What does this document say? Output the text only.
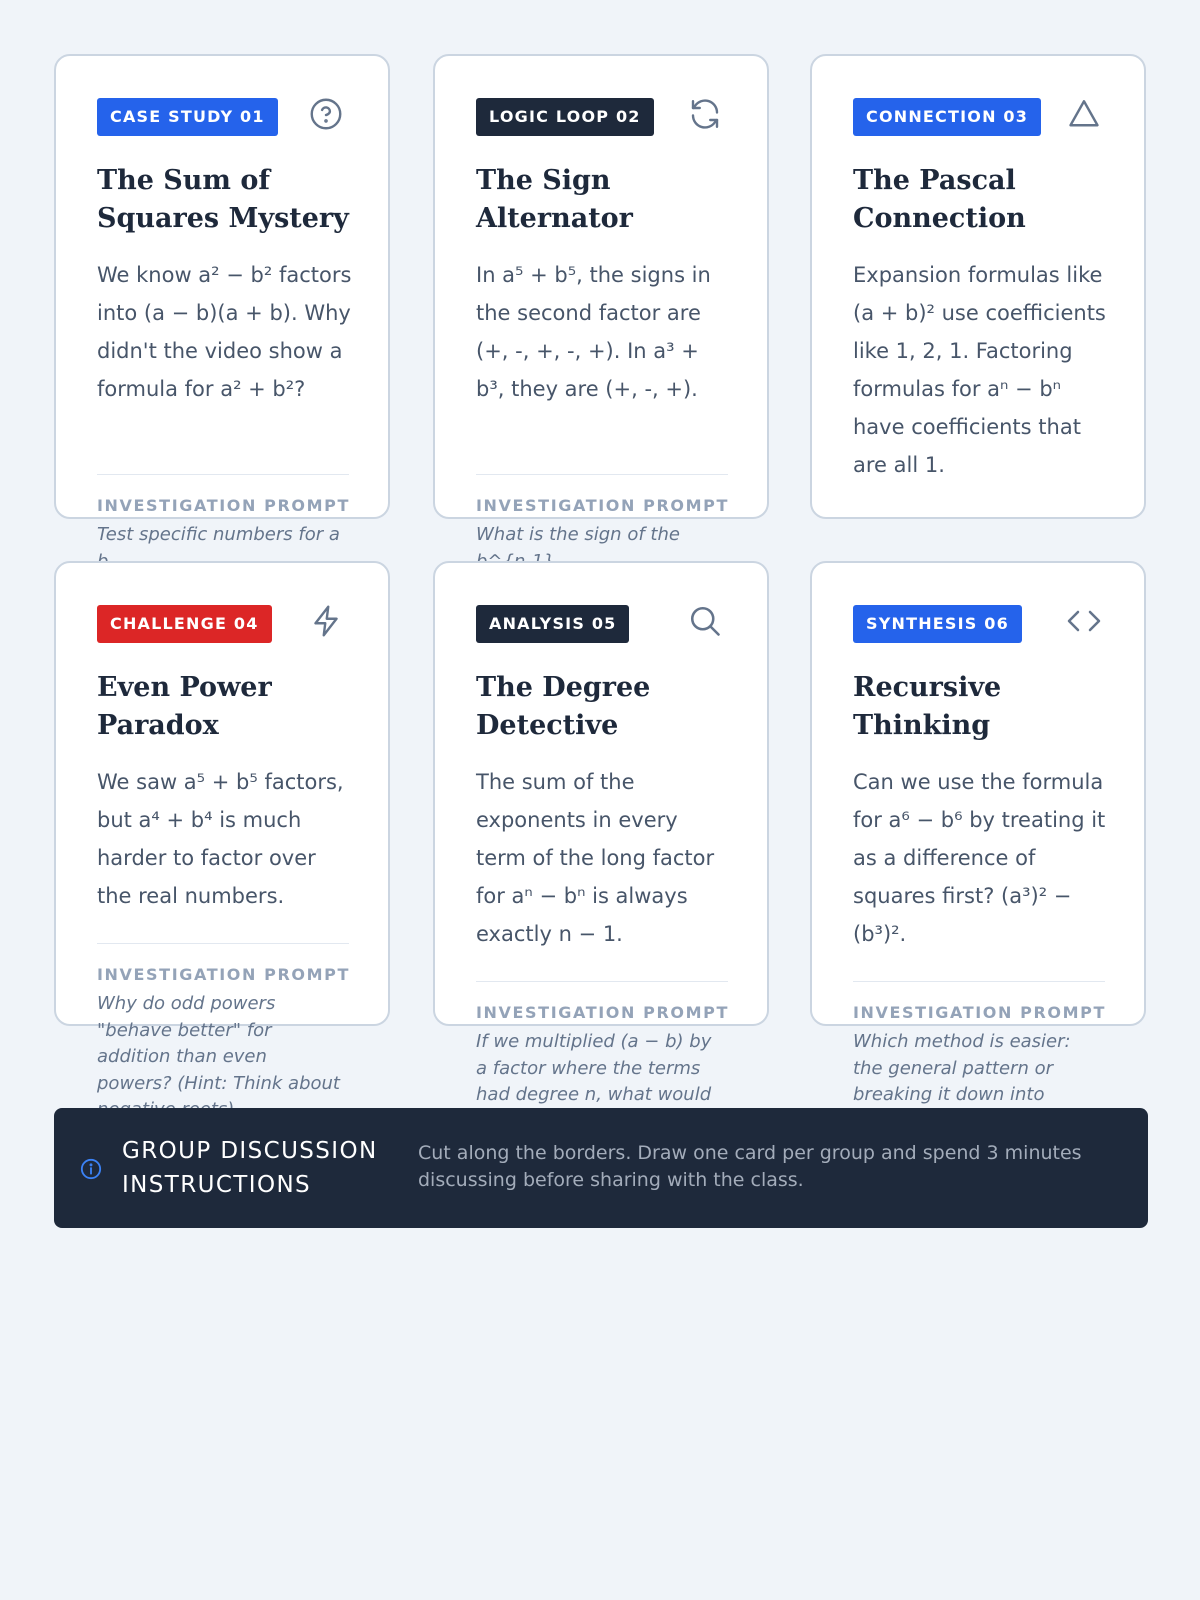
CASE STUDY 01
The Sum of Squares Mystery
We know a² − b² factors into (a − b)(a + b). Why didn't the video show a formula for a² + b²?
INVESTIGATION PROMPT
Test specific numbers for a
LOGIC LOOP 02
The Sign Alternator
In a⁵ + b⁵, the signs in the second factor are (+, -, +, -, +). In a³ + b³, they are (+, -, +).
INVESTIGATION PROMPT
What is the sign of the
CONNECTION 03
The Pascal Connection
Expansion formulas like (a + b)² use coefficients like 1, 2, 1. Factoring formulas for aⁿ − bⁿ have coefficients that are all 1.
CHALLENGE 04
Even Power Paradox
We saw a⁵ + b⁵ factors, but a⁴ + b⁴ is much harder to factor over the real numbers.
INVESTIGATION PROMPT
Why do odd powers "behave better" for addition than even powers? (Hint: Think about
ANALYSIS 05
The Degree Detective
The sum of the exponents in every term of the long factor for aⁿ − bⁿ is always exactly n − 1.
INVESTIGATION PROMPT
If we multiplied (a − b) by a factor where the terms had degree n, what would
SYNTHESIS 06
Recursive Thinking
Can we use the formula for a⁶ − b⁶ by treating it as a difference of squares first? (a³)² − (b³)².
INVESTIGATION PROMPT
Which method is easier: the general pattern or breaking it down into
GROUP DISCUSSION INSTRUCTIONS
Cut along the borders. Draw one card per group and spend 3 minutes discussing before sharing with the class.
